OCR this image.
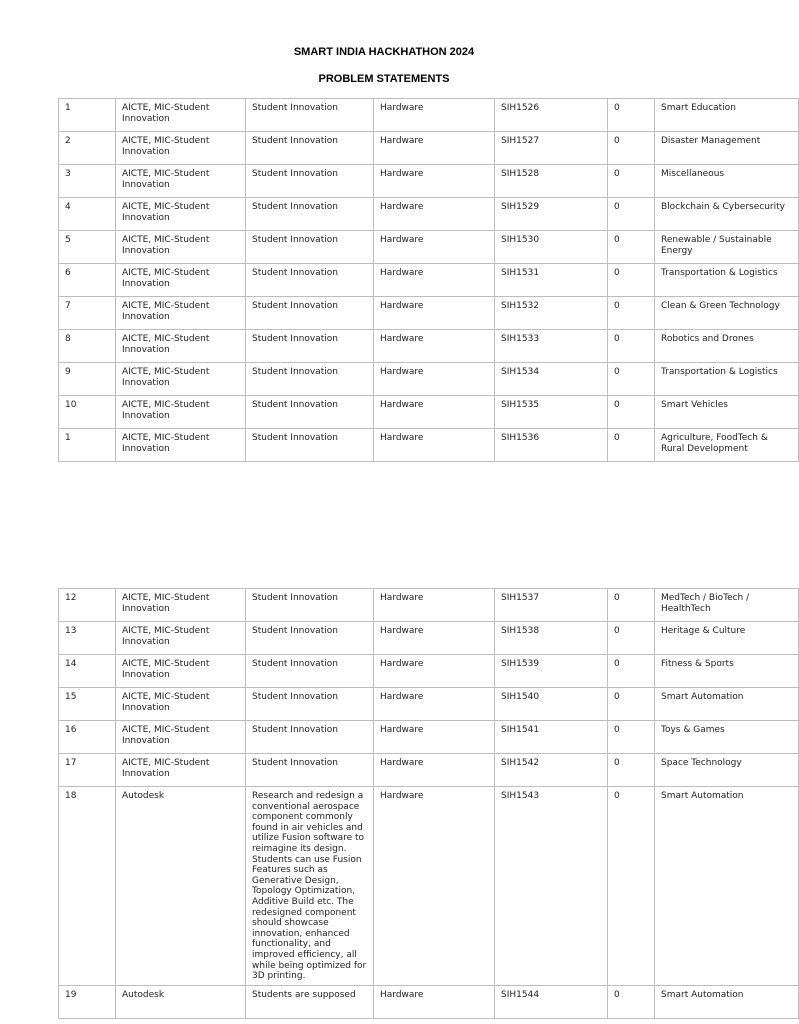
SMART INDIA HACKHATHON 2024
PROBLEM STATEMENTS
1	AICTE, MIC-Student Innovation	Student Innovation	Hardware	SIH1526	0	Smart Education
2	AICTE, MIC-Student Innovation	Student Innovation	Hardware	SIH1527	0	Disaster Management
3	AICTE, MIC-Student Innovation	Student Innovation	Hardware	SIH1528	0	Miscellaneous
4	AICTE, MIC-Student Innovation	Student Innovation	Hardware	SIH1529	0	Blockchain & Cybersecurity
5	AICTE, MIC-Student Innovation	Student Innovation	Hardware	SIH1530	0	Renewable / Sustainable Energy
6	AICTE, MIC-Student Innovation	Student Innovation	Hardware	SIH1531	0	Transportation & Logistics
7	AICTE, MIC-Student Innovation	Student Innovation	Hardware	SIH1532	0	Clean & Green Technology
8	AICTE, MIC-Student Innovation	Student Innovation	Hardware	SIH1533	0	Robotics and Drones
9	AICTE, MIC-Student Innovation	Student Innovation	Hardware	SIH1534	0	Transportation & Logistics
10	AICTE, MIC-Student Innovation	Student Innovation	Hardware	SIH1535	0	Smart Vehicles
1	AICTE, MIC-Student Innovation	Student Innovation	Hardware	SIH1536	0	Agriculture, FoodTech & Rural Development
12	AICTE, MIC-Student Innovation	Student Innovation	Hardware	SIH1537	0	MedTech / BioTech / HealthTech
13	AICTE, MIC-Student Innovation	Student Innovation	Hardware	SIH1538	0	Heritage & Culture
14	AICTE, MIC-Student Innovation	Student Innovation	Hardware	SIH1539	0	Fitness & Sports
15	AICTE, MIC-Student Innovation	Student Innovation	Hardware	SIH1540	0	Smart Automation
16	AICTE, MIC-Student Innovation	Student Innovation	Hardware	SIH1541	0	Toys & Games
17	AICTE, MIC-Student Innovation	Student Innovation	Hardware	SIH1542	0	Space Technology
18	Autodesk	Research and redesign a conventional aerospace component commonly found in air vehicles and utilize Fusion software to reimagine its design. Students can use Fusion Features such as Generative Design, Topology Optimization, Additive Build etc. The redesigned component should showcase innovation, enhanced functionality, and improved efficiency, all while being optimized for 3D printing.	Hardware	SIH1543	0	Smart Automation
19	Autodesk	Students are supposed	Hardware	SIH1544	0	Smart Automation
